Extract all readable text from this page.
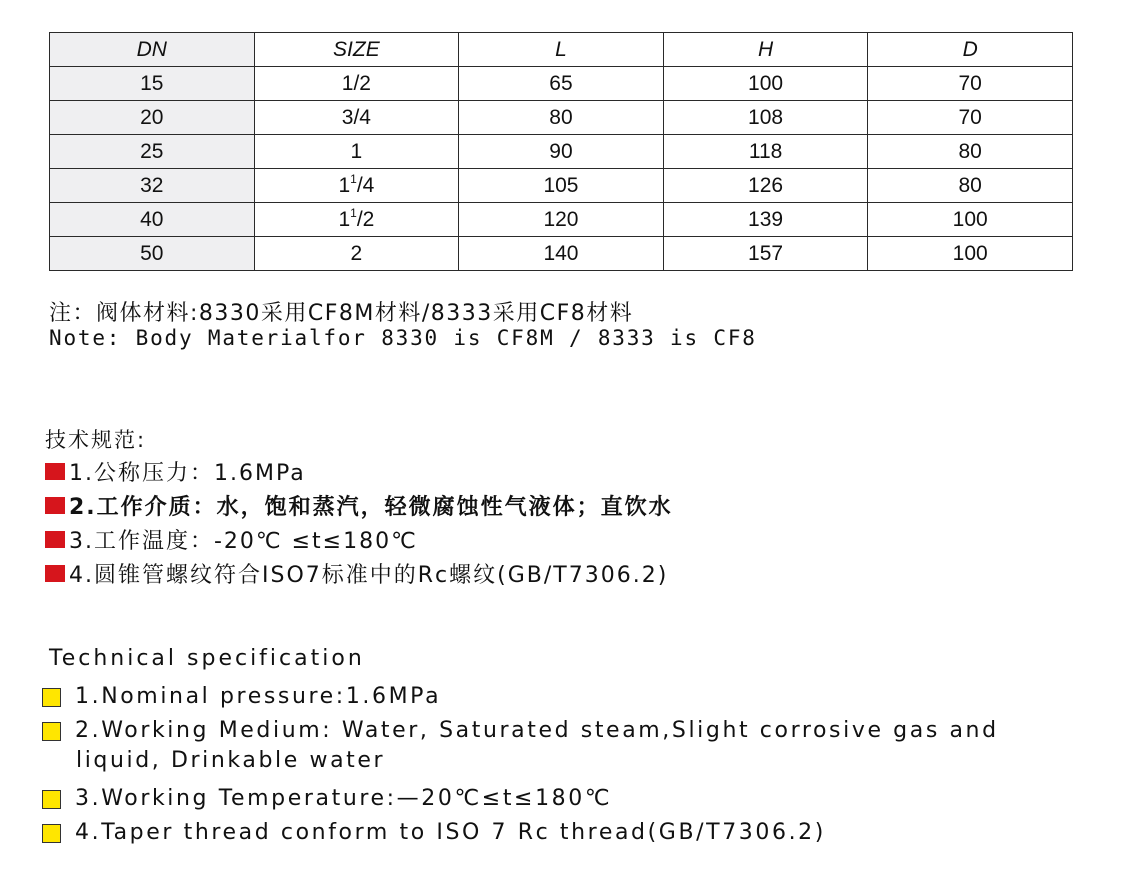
DN	SIZE	L	H	D
15	1/2	65	100	70
20	3/4	80	108	70
25	1	90	118	80
32	$1^1/4$	105	126	80
40	$1^1/2$	120	139	100
50	2	140	157	100
注：阀体材料:8330采用CF8M材料/8333采用CF8材料
Note: Body Materialfor 8330 is CF8M / 8333 is CF8
技术规范:
1.公称压力：1.6MPa
2.工作介质：水，饱和蒸汽，轻微腐蚀性气液体；直饮水
3.工作温度：-20℃ ≤t≤180℃
4.圆锥管螺纹符合ISO7标准中的Rc螺纹(GB/T7306.2)
Technical specification
1.Nominal pressure:1.6MPa
2.Working Medium: Water, Saturated steam,Slight corrosive gas and
liquid, Drinkable water
3.Working Temperature:—20℃≤t≤180℃
4.Taper thread conform to ISO 7 Rc thread(GB/T7306.2)
